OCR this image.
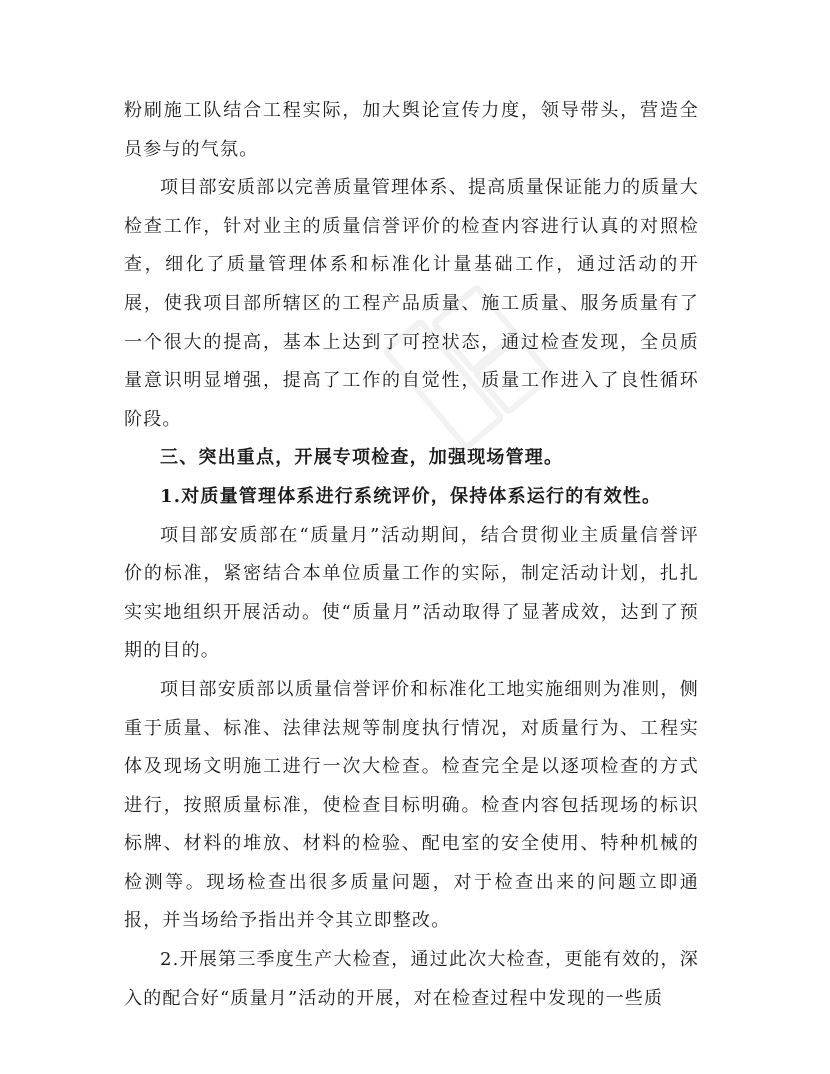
粉刷施工队结合工程实际，加大舆论宣传力度，领导带头，营造全员参与的气氛。

项目部安质部以完善质量管理体系、提高质量保证能力的质量大检查工作，针对业主的质量信誉评价的检查内容进行认真的对照检查，细化了质量管理体系和标准化计量基础工作，通过活动的开展，使我项目部所辖区的工程产品质量、施工质量、服务质量有了一个很大的提高，基本上达到了可控状态，通过检查发现，全员质量意识明显增强，提高了工作的自觉性，质量工作进入了良性循环阶段。

三、突出重点，开展专项检查，加强现场管理。

1.对质量管理体系进行系统评价，保持体系运行的有效性。

项目部安质部在“质量月”活动期间，结合贯彻业主质量信誉评价的标准，紧密结合本单位质量工作的实际，制定活动计划，扎扎实实地组织开展活动。使“质量月”活动取得了显著成效，达到了预期的目的。

项目部安质部以质量信誉评价和标准化工地实施细则为准则，侧重于质量、标准、法律法规等制度执行情况，对质量行为、工程实体及现场文明施工进行一次大检查。检查完全是以逐项检查的方式进行，按照质量标准，使检查目标明确。检查内容包括现场的标识标牌、材料的堆放、材料的检验、配电室的安全使用、特种机械的检测等。现场检查出很多质量问题，对于检查出来的问题立即通报，并当场给予指出并令其立即整改。

2.开展第三季度生产大检查，通过此次大检查，更能有效的，深入的配合好“质量月”活动的开展，对在检查过程中发现的一些质
